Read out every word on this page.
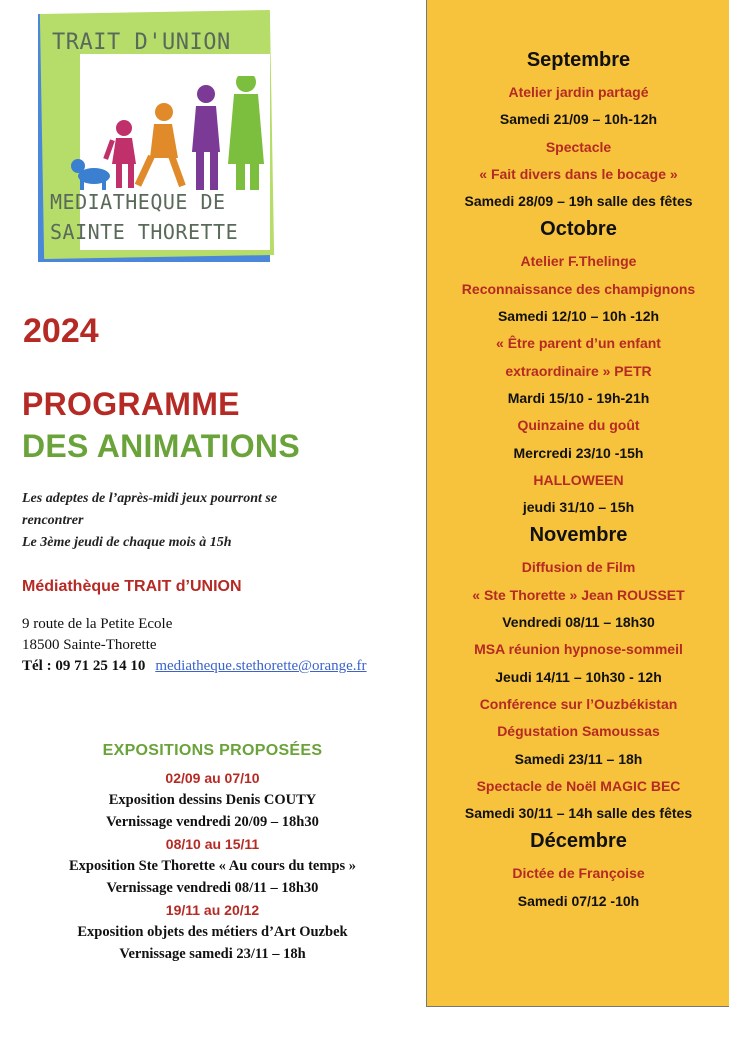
TRAIT D'UNION
MEDIATHEQUE DE
SAINTE THORETTE
2024
PROGRAMME
DES ANIMATIONS
Les adeptes de l’après-midi jeux pourront se
rencontrer
Le 3ème jeudi de chaque mois à 15h
Médiathèque TRAIT d’UNION
9 route de la Petite Ecole
18500 Sainte-Thorette
Tél : 09 71 25 14 10 mediatheque.stethorette@orange.fr
EXPOSITIONS PROPOSÉES
02/09 au 07/10
Exposition dessins Denis COUTY
Vernissage vendredi 20/09 – 18h30
08/10 au 15/11
Exposition Ste Thorette « Au cours du temps »
Vernissage vendredi 08/11 – 18h30
19/11 au 20/12
Exposition objets des métiers d’Art Ouzbek
Vernissage samedi 23/11 – 18h
Septembre
Atelier jardin partagé
Samedi 21/09 – 10h-12h
Spectacle
« Fait divers dans le bocage »
Samedi 28/09 – 19h salle des fêtes
Octobre
Atelier F.Thelinge
Reconnaissance des champignons
Samedi 12/10 – 10h -12h
« Être parent d’un enfant
extraordinaire » PETR
Mardi 15/10 - 19h-21h
Quinzaine du goût
Mercredi 23/10 -15h
HALLOWEEN
jeudi 31/10 – 15h
Novembre
Diffusion de Film
« Ste Thorette » Jean ROUSSET
Vendredi 08/11 – 18h30
MSA réunion hypnose-sommeil
Jeudi 14/11 – 10h30 - 12h
Conférence sur l’Ouzbékistan
Dégustation Samoussas
Samedi 23/11 – 18h
Spectacle de Noël MAGIC BEC
Samedi 30/11 – 14h salle des fêtes
Décembre
Dictée de Françoise
Samedi 07/12 -10h
